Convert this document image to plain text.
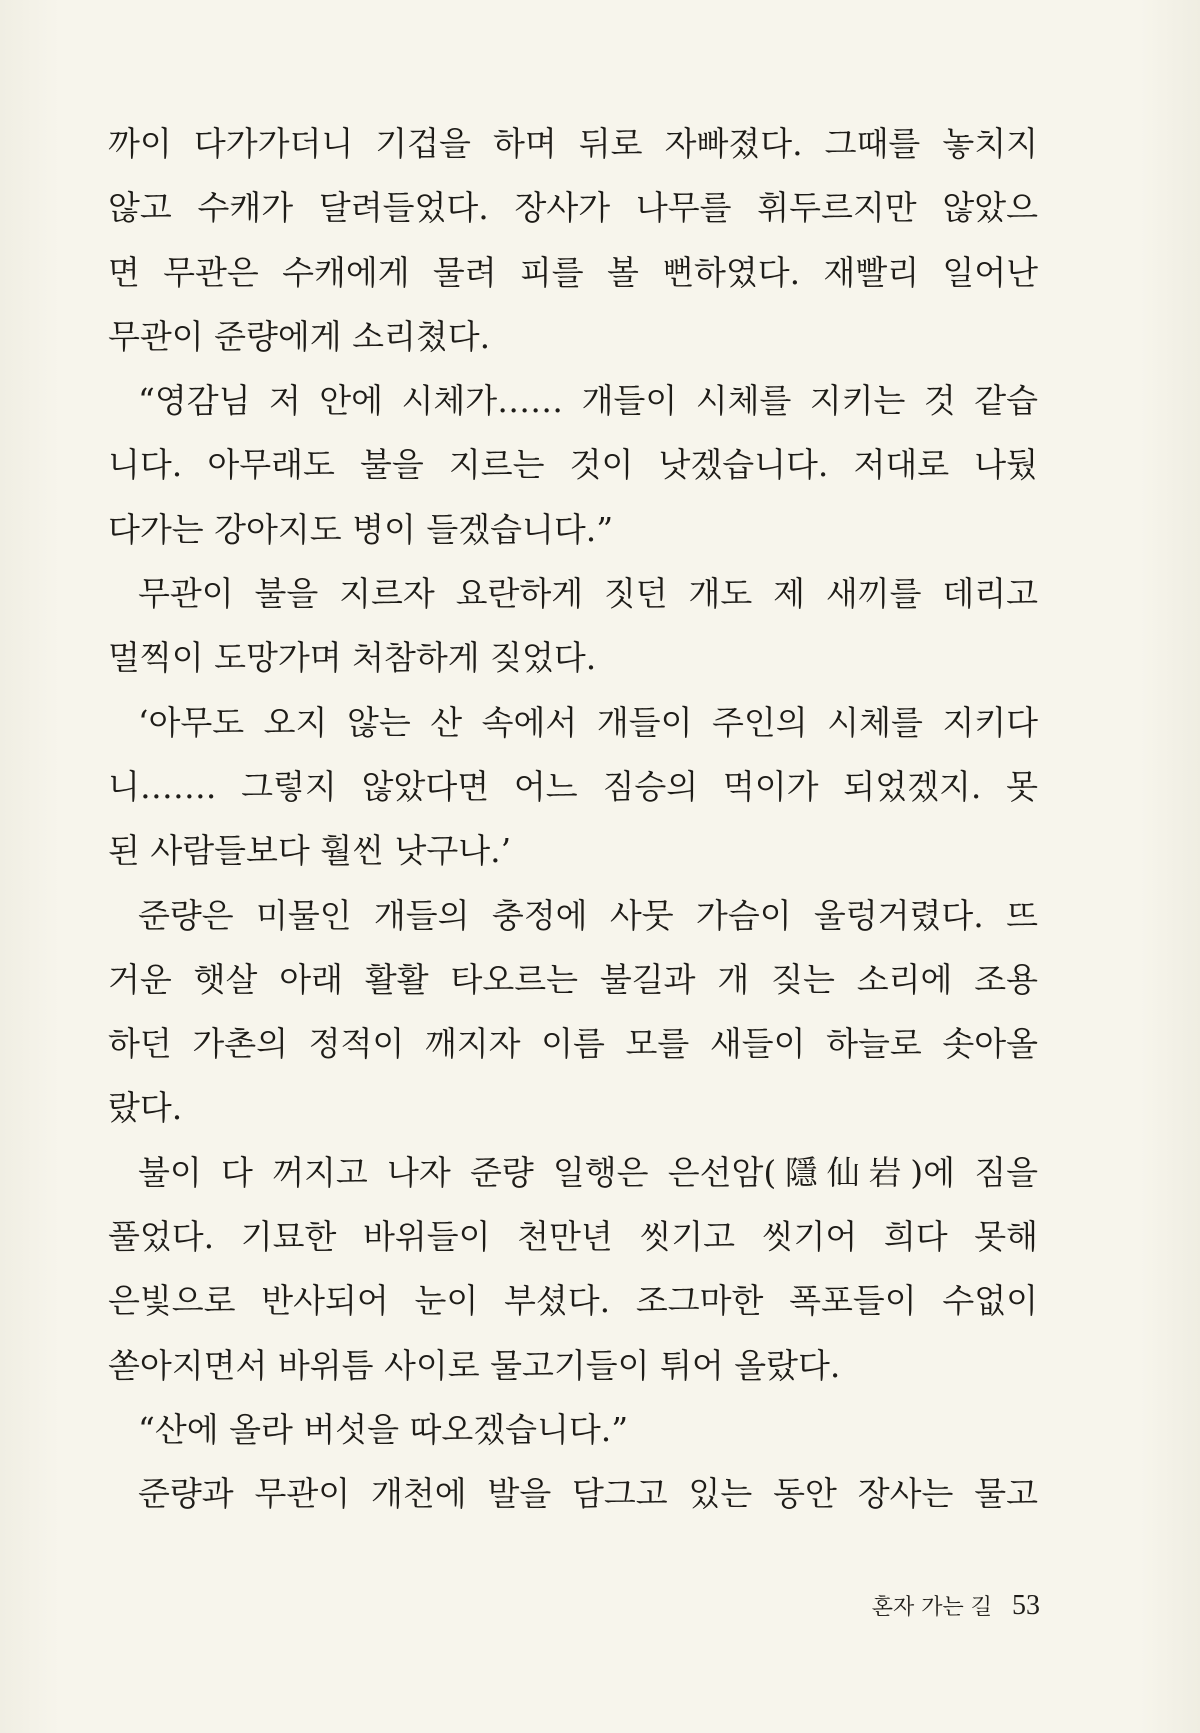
까이 다가가더니 기겁을 하며 뒤로 자빠졌다. 그때를 놓치지
않고 수캐가 달려들었다. 장사가 나무를 휘두르지만 않았으
면 무관은 수캐에게 물려 피를 볼 뻔하였다. 재빨리 일어난
무관이 준량에게 소리쳤다.
“영감님 저 안에 시체가…… 개들이 시체를 지키는 것 같습
니다. 아무래도 불을 지르는 것이 낫겠습니다. 저대로 나뒀
다가는 강아지도 병이 들겠습니다.”
무관이 불을 지르자 요란하게 짓던 개도 제 새끼를 데리고
멀찍이 도망가며 처참하게 짖었다.
‘아무도 오지 않는 산 속에서 개들이 주인의 시체를 지키다
니……. 그렇지 않았다면 어느 짐승의 먹이가 되었겠지. 못
된 사람들보다 훨씬 낫구나.’
준량은 미물인 개들의 충정에 사뭇 가슴이 울렁거렸다. 뜨
거운 햇살 아래 활활 타오르는 불길과 개 짖는 소리에 조용
하던 가촌의 정적이 깨지자 이름 모를 새들이 하늘로 솟아올
랐다.
불이 다 꺼지고 나자 준량 일행은 은선암(隱仙岩)에 짐을
풀었다. 기묘한 바위들이 천만년 씻기고 씻기어 희다 못해
은빛으로 반사되어 눈이 부셨다. 조그마한 폭포들이 수없이
쏟아지면서 바위틈 사이로 물고기들이 튀어 올랐다.
“산에 올라 버섯을 따오겠습니다.”
준량과 무관이 개천에 발을 담그고 있는 동안 장사는 물고
혼자 가는 길 53
